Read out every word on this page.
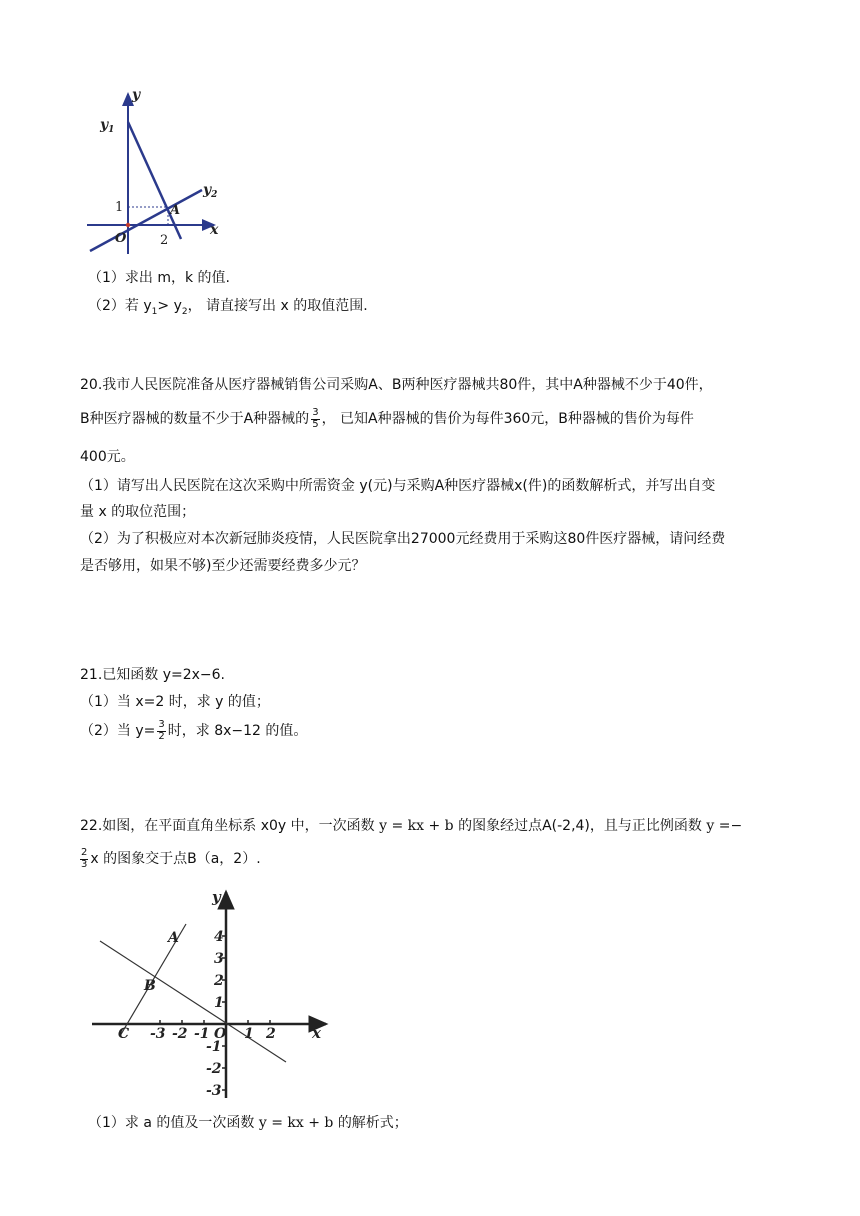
y
$y_1$
$y_2$
1
2
O
A
x
（1）求出 m，k 的值.
（2）若 $y_1> y_2$， 请直接写出 x 的取值范围.
20.我市人民医院准备从医疗器械销售公司采购A、B两种医疗器械共80件，其中A种器械不少于40件，
B种医疗器械的数量不少于A种器械的 $\frac{3}{5}$ ， 已知A种器械的售价为每件360元，B种器械的售价为每件
400元。
（1）请写出人民医院在这次采购中所需资金 y(元)与采购A种医疗器械x(件)的函数解析式，并写出自变
量 x 的取位范围；
（2）为了积极应对本次新冠肺炎疫情，人民医院拿出27000元经费用于采购这80件医疗器械，请问经费
是否够用，如果不够)至少还需要经费多少元？
21.已知函数 y=2x−6.
（1）当 x=2 时，求 y 的值；
（2）当 $y= \frac{3}{2}$ 时，求 8x−12 的值。
22.如图，在平面直角坐标系 x0y 中，一次函数 y = kx + b 的图象经过点A(-2,4)，且与正比例函数 y =−
$\frac{2}{3}$ x 的图象交于点B（a，2）.
4
3
2
1
-1
-2
-3
-3 -2 -1 1 2
O
A
B
C
y
x
（1）求 a 的值及一次函数 y = kx + b 的解析式；
